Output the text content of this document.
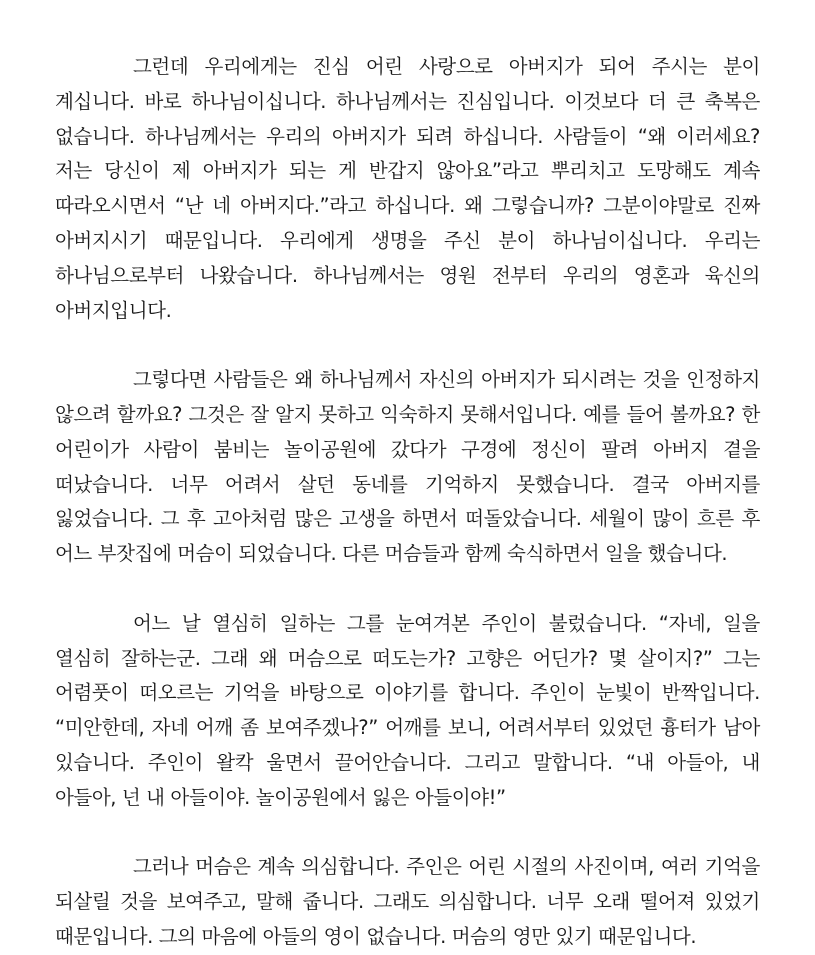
그런데 우리에게는 진심 어린 사랑으로 아버지가 되어 주시는 분이 계십니다. 바로 하나님이십니다. 하나님께서는 진심입니다. 이것보다 더 큰 축복은 없습니다. 하나님께서는 우리의 아버지가 되려 하십니다. 사람들이 “왜 이러세요? 저는 당신이 제 아버지가 되는 게 반갑지 않아요”라고 뿌리치고 도망해도 계속 따라오시면서 “난 네 아버지다.”라고 하십니다. 왜 그렇습니까? 그분이야말로 진짜 아버지시기 때문입니다. 우리에게 생명을 주신 분이 하나님이십니다. 우리는 하나님으로부터 나왔습니다. 하나님께서는 영원 전부터 우리의 영혼과 육신의 아버지입니다.

그렇다면 사람들은 왜 하나님께서 자신의 아버지가 되시려는 것을 인정하지 않으려 할까요? 그것은 잘 알지 못하고 익숙하지 못해서입니다. 예를 들어 볼까요? 한 어린이가 사람이 붐비는 놀이공원에 갔다가 구경에 정신이 팔려 아버지 곁을 떠났습니다. 너무 어려서 살던 동네를 기억하지 못했습니다. 결국 아버지를 잃었습니다. 그 후 고아처럼 많은 고생을 하면서 떠돌았습니다. 세월이 많이 흐른 후 어느 부잣집에 머슴이 되었습니다. 다른 머슴들과 함께 숙식하면서 일을 했습니다.

어느 날 열심히 일하는 그를 눈여겨본 주인이 불렀습니다. “자네, 일을 열심히 잘하는군. 그래 왜 머슴으로 떠도는가? 고향은 어딘가? 몇 살이지?” 그는 어렴풋이 떠오르는 기억을 바탕으로 이야기를 합니다. 주인이 눈빛이 반짝입니다. “미안한데, 자네 어깨 좀 보여주겠나?” 어깨를 보니, 어려서부터 있었던 흉터가 남아 있습니다. 주인이 왈칵 울면서 끌어안습니다. 그리고 말합니다. “내 아들아, 내 아들아, 넌 내 아들이야. 놀이공원에서 잃은 아들이야!”

그러나 머슴은 계속 의심합니다. 주인은 어린 시절의 사진이며, 여러 기억을 되살릴 것을 보여주고, 말해 줍니다. 그래도 의심합니다. 너무 오래 떨어져 있었기 때문입니다. 그의 마음에 아들의 영이 없습니다. 머슴의 영만 있기 때문입니다.
